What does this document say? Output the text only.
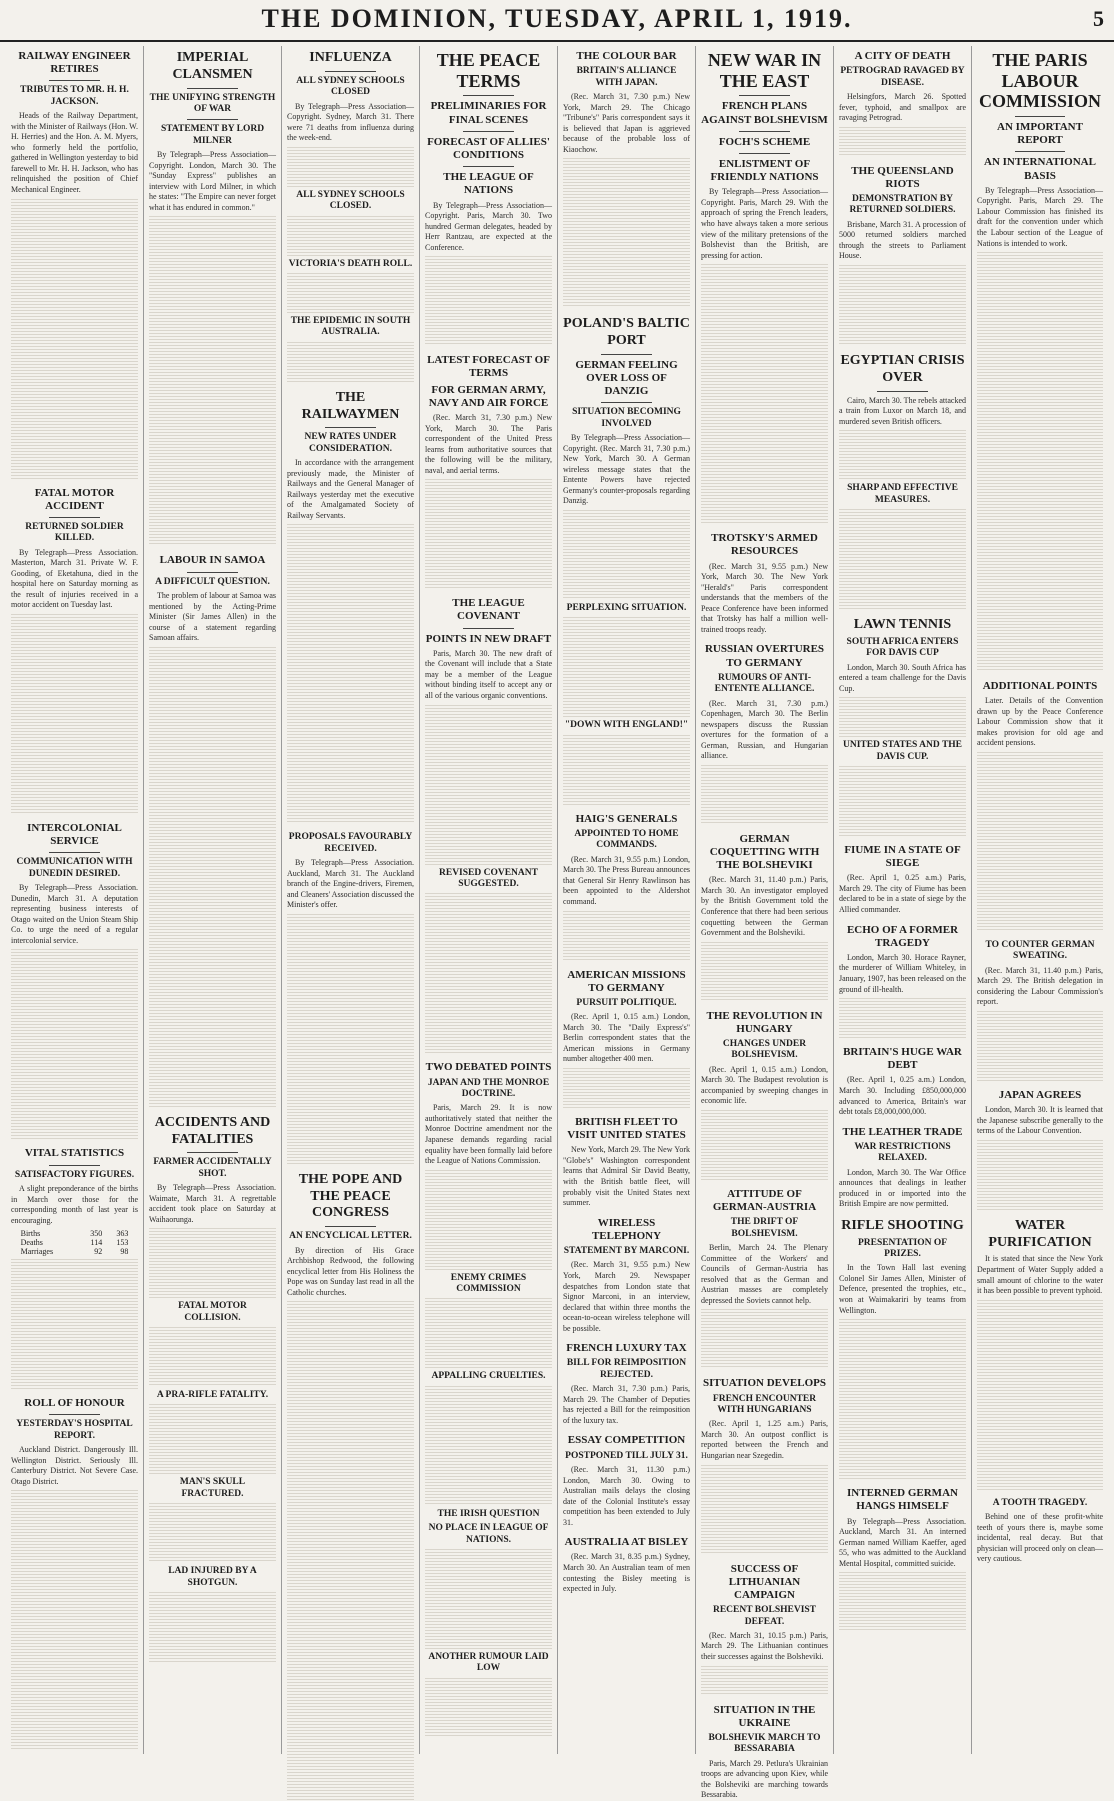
THE DOMINION, TUESDAY, APRIL 1, 1919.	5
RAILWAY ENGINEER RETIRES
TRIBUTES TO MR. H. H. JACKSON.

Heads of the Railway Department, with the Minister of Railways (Hon. W. H. Herries) and the Hon. A. M. Myers, who formerly held the portfolio, gathered in Wellington yesterday to bid farewell to Mr. H. H. Jackson, who has relinquished the position of Chief Mechanical Engineer.

FATAL MOTOR ACCIDENT
RETURNED SOLDIER KILLED.

By Telegraph—Press Association. Masterton, March 31. Private W. F. Gooding, of Eketahuna, died in the hospital here on Saturday morning as the result of injuries received in a motor accident on Tuesday last.

INTERCOLONIAL SERVICE
COMMUNICATION WITH DUNEDIN DESIRED.

By Telegraph—Press Association. Dunedin, March 31. A deputation representing business interests of Otago waited on the Union Steam Ship Co. to urge the need of a regular intercolonial service.

VITAL STATISTICS
SATISFACTORY FIGURES.

A slight preponderance of the births in March over those for the corresponding month of last year is encouraging.

Births	350	363
Deaths	114	153
Marriages	92	98
ROLL OF HONOUR
YESTERDAY'S HOSPITAL REPORT.

Auckland District. Dangerously Ill. Wellington District. Seriously Ill. Canterbury District. Not Severe Case. Otago District.

IMPERIAL CLANSMEN
THE UNIFYING STRENGTH OF WAR
STATEMENT BY LORD MILNER

By Telegraph—Press Association—Copyright. London, March 30. The "Sunday Express" publishes an interview with Lord Milner, in which he states: "The Empire can never forget what it has endured in common."

LABOUR IN SAMOA
A DIFFICULT QUESTION.

The problem of labour at Samoa was mentioned by the Acting-Prime Minister (Sir James Allen) in the course of a statement regarding Samoan affairs.

ACCIDENTS AND FATALITIES
FARMER ACCIDENTALLY SHOT.

By Telegraph—Press Association. Waimate, March 31. A regrettable accident took place on Saturday at Waihaorunga.

FATAL MOTOR COLLISION.
A PRA-RIFLE FATALITY.
MAN'S SKULL FRACTURED.
LAD INJURED BY A SHOTGUN.
INFLUENZA
ALL SYDNEY SCHOOLS CLOSED

By Telegraph—Press Association—Copyright. Sydney, March 31. There were 71 deaths from influenza during the week-end.

ALL SYDNEY SCHOOLS CLOSED.
VICTORIA'S DEATH ROLL.
THE EPIDEMIC IN SOUTH AUSTRALIA.
THE RAILWAYMEN
NEW RATES UNDER CONSIDERATION.

In accordance with the arrangement previously made, the Minister of Railways and the General Manager of Railways yesterday met the executive of the Amalgamated Society of Railway Servants.

PROPOSALS FAVOURABLY RECEIVED.

By Telegraph—Press Association. Auckland, March 31. The Auckland branch of the Engine-drivers, Firemen, and Cleaners' Association discussed the Minister's offer.

THE POPE AND THE PEACE CONGRESS
AN ENCYCLICAL LETTER.

By direction of His Grace Archbishop Redwood, the following encyclical letter from His Holiness the Pope was on Sunday last read in all the Catholic churches.

THE PEACE TERMS
PRELIMINARIES FOR FINAL SCENES
FORECAST OF ALLIES' CONDITIONS
THE LEAGUE OF NATIONS

By Telegraph—Press Association—Copyright. Paris, March 30. Two hundred German delegates, headed by Herr Rantzau, are expected at the Conference.

LATEST FORECAST OF TERMS
FOR GERMAN ARMY, NAVY AND AIR FORCE

(Rec. March 31, 7.30 p.m.) New York, March 30. The Paris correspondent of the United Press learns from authoritative sources that the following will be the military, naval, and aerial terms.

THE LEAGUE COVENANT
POINTS IN NEW DRAFT

Paris, March 30. The new draft of the Covenant will include that a State may be a member of the League without binding itself to accept any or all of the various organic conventions.

REVISED COVENANT SUGGESTED.
TWO DEBATED POINTS
JAPAN AND THE MONROE DOCTRINE.

Paris, March 29. It is now authoritatively stated that neither the Monroe Doctrine amendment nor the Japanese demands regarding racial equality have been formally laid before the League of Nations Commission.

ENEMY CRIMES COMMISSION
APPALLING CRUELTIES.
THE IRISH QUESTION
NO PLACE IN LEAGUE OF NATIONS.
ANOTHER RUMOUR LAID LOW
THE COLOUR BAR
BRITAIN'S ALLIANCE WITH JAPAN.

(Rec. March 31, 7.30 p.m.) New York, March 29. The Chicago "Tribune's" Paris correspondent says it is believed that Japan is aggrieved because of the probable loss of Kiaochow.

POLAND'S BALTIC PORT
GERMAN FEELING OVER LOSS OF DANZIG
SITUATION BECOMING INVOLVED

By Telegraph—Press Association—Copyright. (Rec. March 31, 7.30 p.m.) New York, March 30. A German wireless message states that the Entente Powers have rejected Germany's counter-proposals regarding Danzig.

PERPLEXING SITUATION.
"DOWN WITH ENGLAND!"
HAIG'S GENERALS
APPOINTED TO HOME COMMANDS.

(Rec. March 31, 9.55 p.m.) London, March 30. The Press Bureau announces that General Sir Henry Rawlinson has been appointed to the Aldershot command.

AMERICAN MISSIONS TO GERMANY
PURSUIT POLITIQUE.

(Rec. April 1, 0.15 a.m.) London, March 30. The "Daily Express's" Berlin correspondent states that the American missions in Germany number altogether 400 men.

BRITISH FLEET TO VISIT UNITED STATES

New York, March 29. The New York "Globe's" Washington correspondent learns that Admiral Sir David Beatty, with the British battle fleet, will probably visit the United States next summer.

WIRELESS TELEPHONY
STATEMENT BY MARCONI.

(Rec. March 31, 9.55 p.m.) New York, March 29. Newspaper despatches from London state that Signor Marconi, in an interview, declared that within three months the ocean-to-ocean wireless telephone will be possible.

FRENCH LUXURY TAX
BILL FOR REIMPOSITION REJECTED.

(Rec. March 31, 7.30 p.m.) Paris, March 29. The Chamber of Deputies has rejected a Bill for the reimposition of the luxury tax.

ESSAY COMPETITION
POSTPONED TILL JULY 31.

(Rec. March 31, 11.30 p.m.) London, March 30. Owing to Australian mails delays the closing date of the Colonial Institute's essay competition has been extended to July 31.

AUSTRALIA AT BISLEY

(Rec. March 31, 8.35 p.m.) Sydney, March 30. An Australian team of men contesting the Bisley meeting is expected in July.

NEW WAR IN THE EAST
FRENCH PLANS AGAINST BOLSHEVISM
FOCH'S SCHEME
ENLISTMENT OF FRIENDLY NATIONS

By Telegraph—Press Association—Copyright. Paris, March 29. With the approach of spring the French leaders, who have always taken a more serious view of the military pretensions of the Bolshevist than the British, are pressing for action.

TROTSKY'S ARMED RESOURCES

(Rec. March 31, 9.55 p.m.) New York, March 30. The New York "Herald's" Paris correspondent understands that the members of the Peace Conference have been informed that Trotsky has half a million well-trained troops ready.

RUSSIAN OVERTURES TO GERMANY
RUMOURS OF ANTI-ENTENTE ALLIANCE.

(Rec. March 31, 7.30 p.m.) Copenhagen, March 30. The Berlin newspapers discuss the Russian overtures for the formation of a German, Russian, and Hungarian alliance.

GERMAN COQUETTING WITH THE BOLSHEVIKI

(Rec. March 31, 11.40 p.m.) Paris, March 30. An investigator employed by the British Government told the Conference that there had been serious coquetting between the German Government and the Bolsheviki.

THE REVOLUTION IN HUNGARY
CHANGES UNDER BOLSHEVISM.

(Rec. April 1, 0.15 a.m.) London, March 30. The Budapest revolution is accompanied by sweeping changes in economic life.

ATTITUDE OF GERMAN-AUSTRIA
THE DRIFT OF BOLSHEVISM.

Berlin, March 24. The Plenary Committee of the Workers' and Councils of German-Austria has resolved that as the German and Austrian masses are completely depressed the Soviets cannot help.

SITUATION DEVELOPS
FRENCH ENCOUNTER WITH HUNGARIANS

(Rec. April 1, 1.25 a.m.) Paris, March 30. An outpost conflict is reported between the French and Hungarian near Szegedin.

SUCCESS OF LITHUANIAN CAMPAIGN
RECENT BOLSHEVIST DEFEAT.

(Rec. March 31, 10.15 p.m.) Paris, March 29. The Lithuanian continues their successes against the Bolsheviki.

SITUATION IN THE UKRAINE
BOLSHEVIK MARCH TO BESSARABIA

Paris, March 29. Petlura's Ukrainian troops are advancing upon Kiev, while the Bolsheviki are marching towards Bessarabia.

A CITY OF DEATH
PETROGRAD RAVAGED BY DISEASE.

Helsingfors, March 26. Spotted fever, typhoid, and smallpox are ravaging Petrograd.

THE QUEENSLAND RIOTS
DEMONSTRATION BY RETURNED SOLDIERS.

Brisbane, March 31. A procession of 5000 returned soldiers marched through the streets to Parliament House.

EGYPTIAN CRISIS OVER

Cairo, March 30. The rebels attacked a train from Luxor on March 18, and murdered seven British officers.

SHARP AND EFFECTIVE MEASURES.
LAWN TENNIS
SOUTH AFRICA ENTERS FOR DAVIS CUP

London, March 30. South Africa has entered a team challenge for the Davis Cup.

UNITED STATES AND THE DAVIS CUP.
FIUME IN A STATE OF SIEGE

(Rec. April 1, 0.25 a.m.) Paris, March 29. The city of Fiume has been declared to be in a state of siege by the Allied commander.

ECHO OF A FORMER TRAGEDY

London, March 30. Horace Rayner, the murderer of William Whiteley, in January, 1907, has been released on the ground of ill-health.

BRITAIN'S HUGE WAR DEBT

(Rec. April 1, 0.25 a.m.) London, March 30. Including £850,000,000 advanced to America, Britain's war debt totals £8,000,000,000.

THE LEATHER TRADE
WAR RESTRICTIONS RELAXED.

London, March 30. The War Office announces that dealings in leather produced in or imported into the British Empire are now permitted.

RIFLE SHOOTING
PRESENTATION OF PRIZES.

In the Town Hall last evening Colonel Sir James Allen, Minister of Defence, presented the trophies, etc., won at Waimakariri by teams from Wellington.

INTERNED GERMAN HANGS HIMSELF

By Telegraph—Press Association. Auckland, March 31. An interned German named William Kaeffer, aged 55, who was admitted to the Auckland Mental Hospital, committed suicide.

THE PARIS LABOUR COMMISSION
AN IMPORTANT REPORT
AN INTERNATIONAL BASIS

By Telegraph—Press Association—Copyright. Paris, March 29. The Labour Commission has finished its draft for the convention under which the Labour section of the League of Nations is intended to work.

ADDITIONAL POINTS

Later. Details of the Convention drawn up by the Peace Conference Labour Commission show that it makes provision for old age and accident pensions.

TO COUNTER GERMAN SWEATING.

(Rec. March 31, 11.40 p.m.) Paris, March 29. The British delegation in considering the Labour Commission's report.

JAPAN AGREES

London, March 30. It is learned that the Japanese subscribe generally to the terms of the Labour Convention.

WATER PURIFICATION

It is stated that since the New York Department of Water Supply added a small amount of chlorine to the water it has been possible to prevent typhoid.

A TOOTH TRAGEDY.

Behind one of these profit-white teeth of yours there is, maybe some incidental, real decay. But that physician will proceed only on clean—very cautious.
